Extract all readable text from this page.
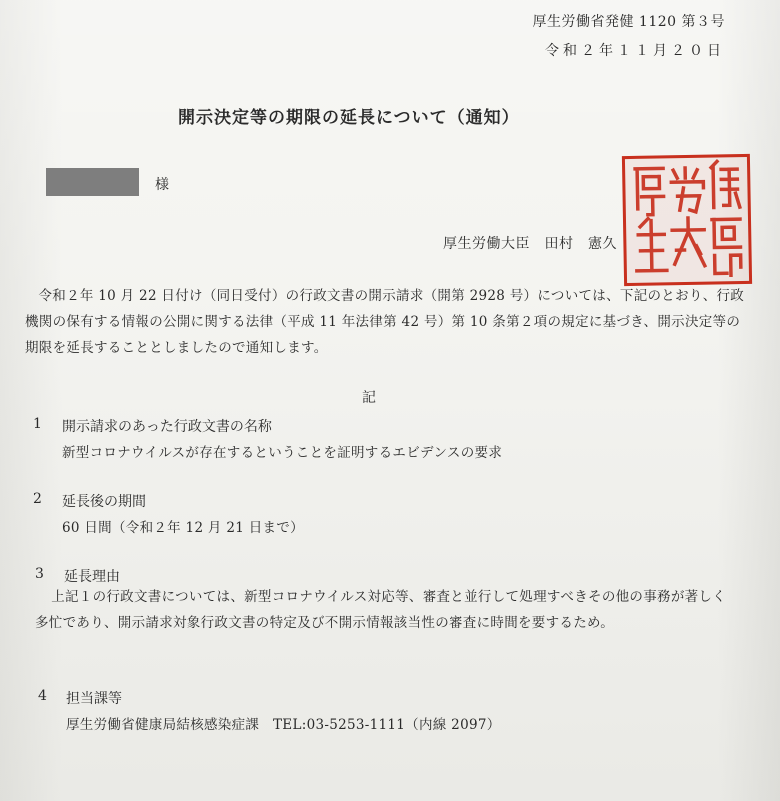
厚生労働省発健 1120 第３号
令和２年１１月２０日
開示決定等の期限の延長について（通知）
様
厚生労働大臣　田村　憲久
令和２年 10 月 22 日付け（同日受付）の行政文書の開示請求（開第 2928 号）については、下記のとおり、行政機関の保有する情報の公開に関する法律（平成 11 年法律第 42 号）第 10 条第２項の規定に基づき、開示決定等の期限を延長することとしましたので通知します。
記
1 開示請求のあった行政文書の名称
新型コロナウイルスが存在するということを証明するエビデンスの要求
2 延長後の期間
60 日間（令和２年 12 月 21 日まで）
3 延長理由
上記１の行政文書については、新型コロナウイルス対応等、審査と並行して処理すべきその他の事務が著しく多忙であり、開示請求対象行政文書の特定及び不開示情報該当性の審査に時間を要するため。
4 担当課等
厚生労働省健康局結核感染症課　TEL:03-5253-1111（内線 2097）
